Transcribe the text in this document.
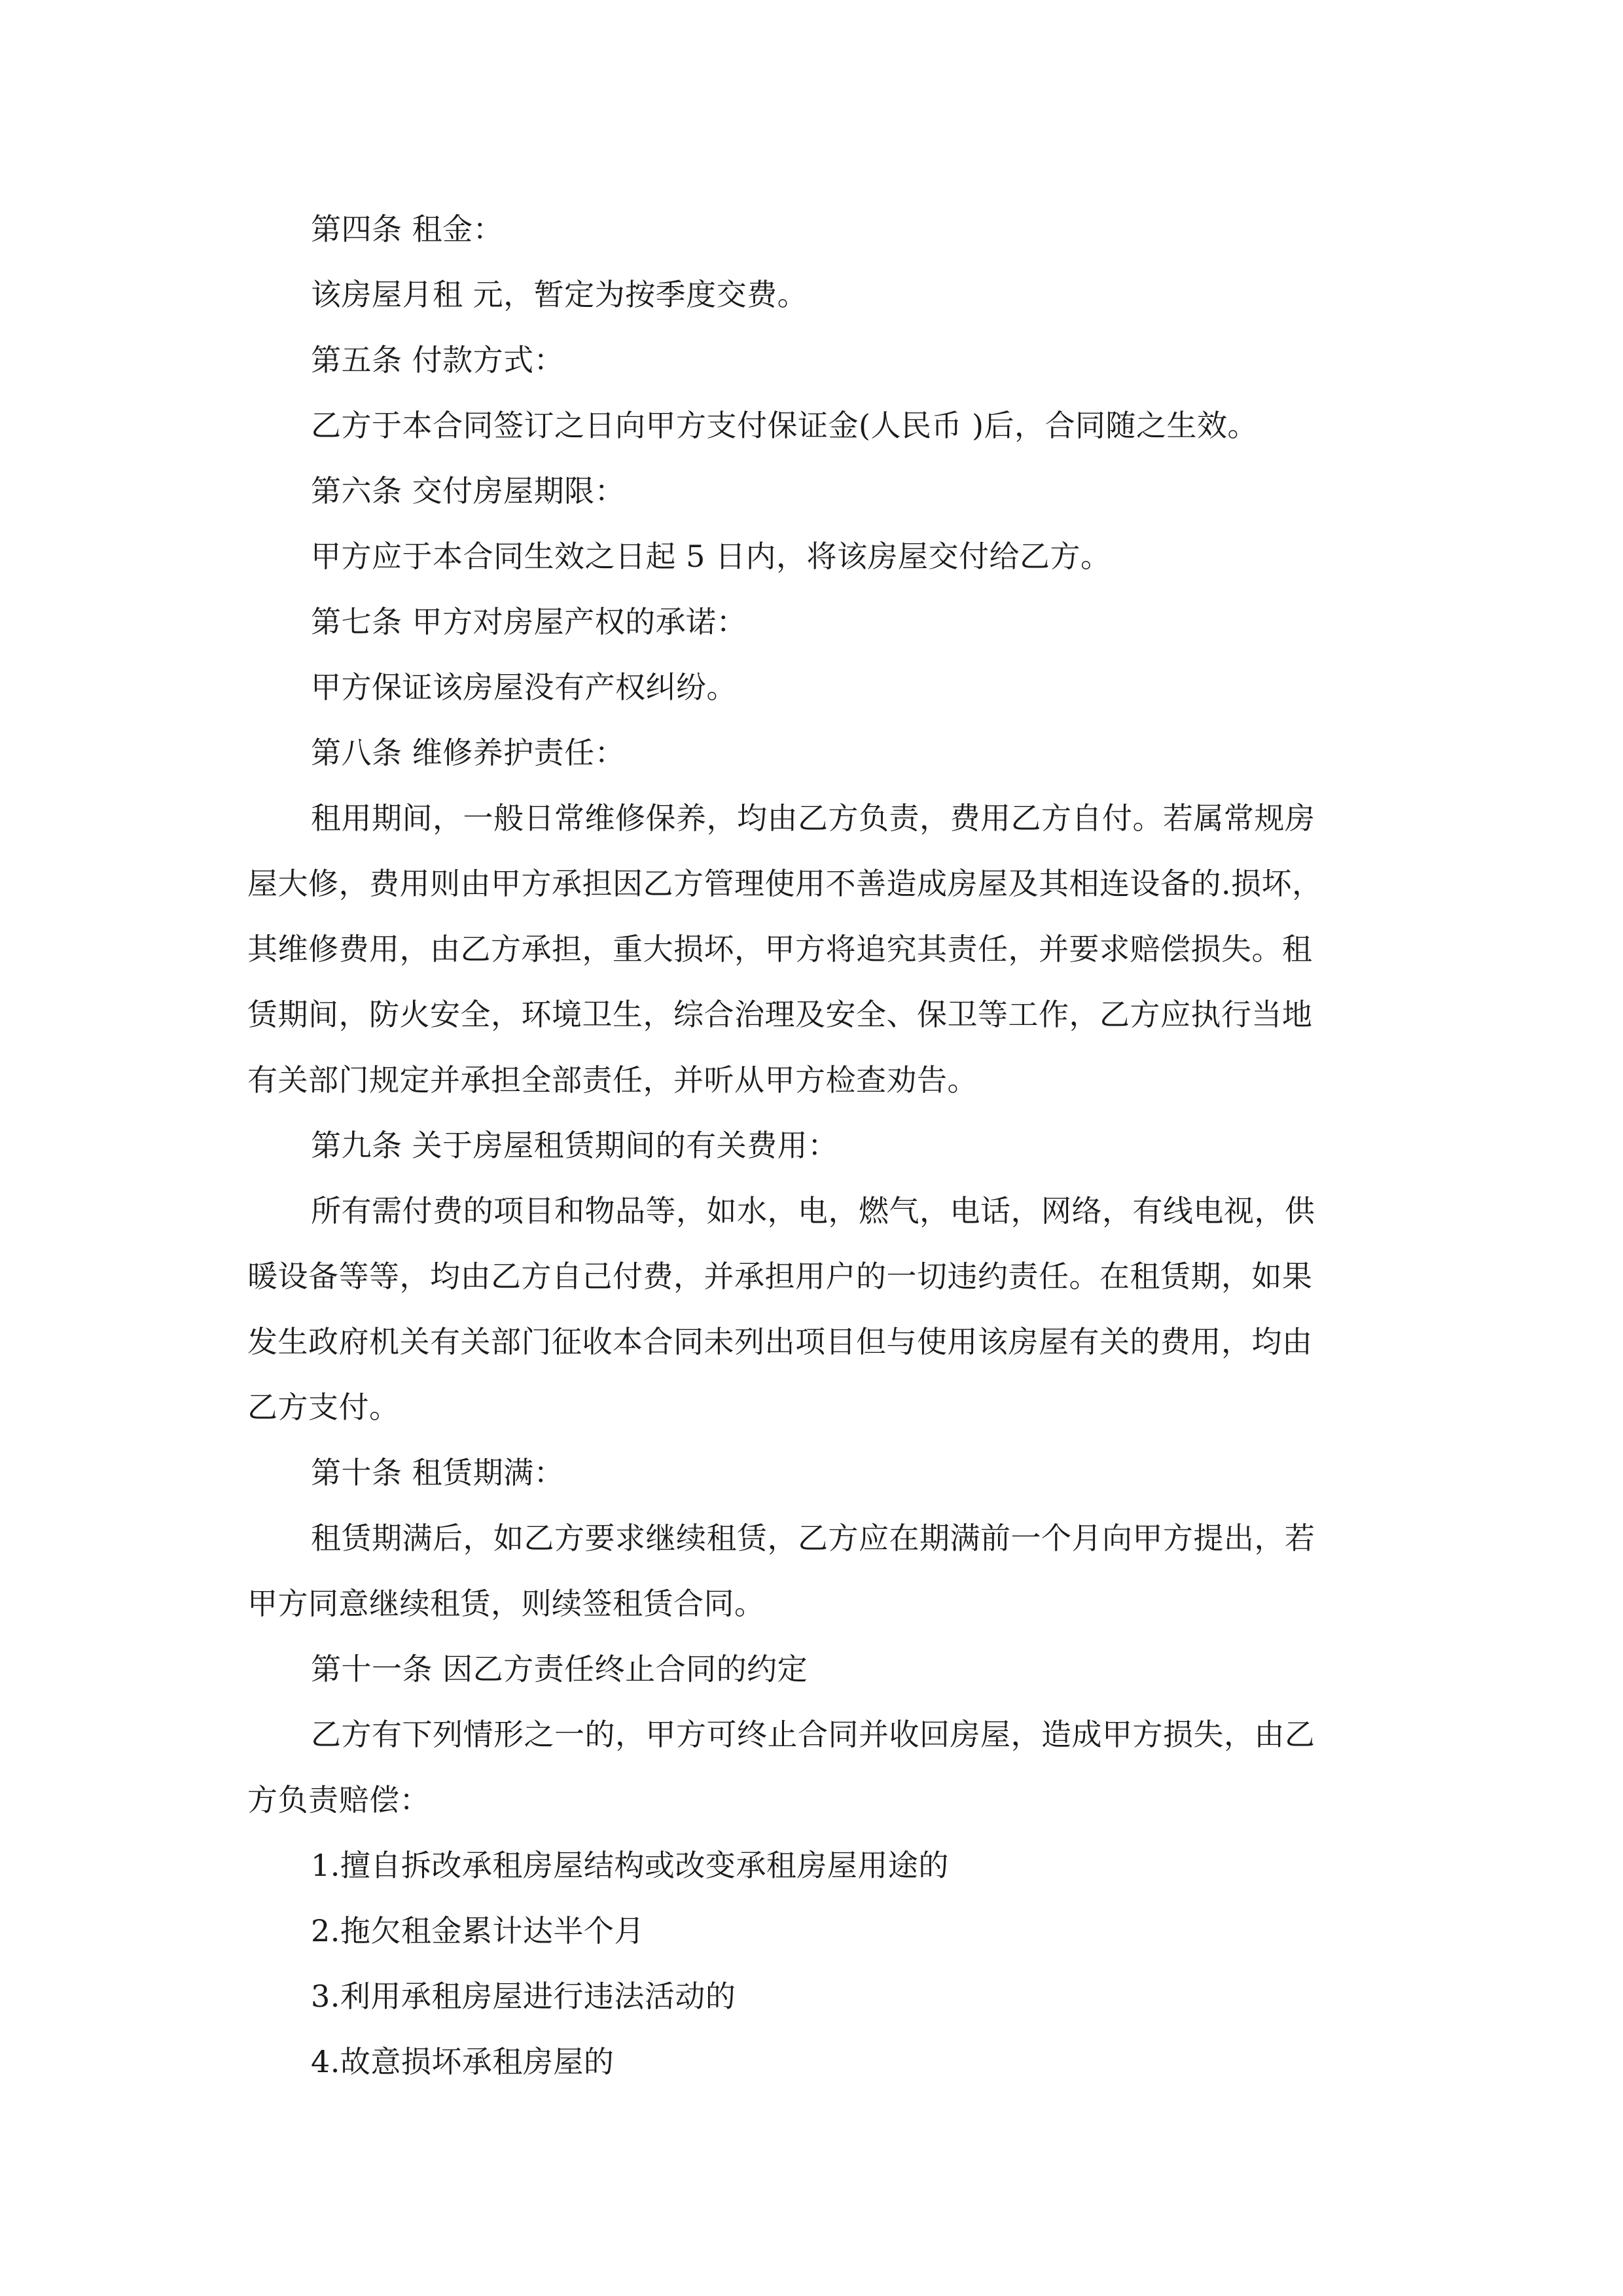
第四条 租金：
该房屋月租 元，暂定为按季度交费。
第五条 付款方式：
乙方于本合同签订之日向甲方支付保证金(人民币 )后，合同随之生效。
第六条 交付房屋期限：
甲方应于本合同生效之日起 5 日内，将该房屋交付给乙方。
第七条 甲方对房屋产权的承诺：
甲方保证该房屋没有产权纠纷。
第八条 维修养护责任：
租用期间，一般日常维修保养，均由乙方负责，费用乙方自付。若属常规房
屋大修，费用则由甲方承担因乙方管理使用不善造成房屋及其相连设备的.损坏，
其维修费用，由乙方承担，重大损坏，甲方将追究其责任，并要求赔偿损失。租
赁期间，防火安全，环境卫生，综合治理及安全、保卫等工作，乙方应执行当地
有关部门规定并承担全部责任，并听从甲方检查劝告。
第九条 关于房屋租赁期间的有关费用：
所有需付费的项目和物品等，如水，电，燃气，电话，网络，有线电视，供
暖设备等等，均由乙方自己付费，并承担用户的一切违约责任。在租赁期，如果
发生政府机关有关部门征收本合同未列出项目但与使用该房屋有关的费用，均由
乙方支付。
第十条 租赁期满：
租赁期满后，如乙方要求继续租赁，乙方应在期满前一个月向甲方提出，若
甲方同意继续租赁，则续签租赁合同。
第十一条 因乙方责任终止合同的约定
乙方有下列情形之一的，甲方可终止合同并收回房屋，造成甲方损失，由乙
方负责赔偿：
1.擅自拆改承租房屋结构或改变承租房屋用途的
2.拖欠租金累计达半个月
3.利用承租房屋进行违法活动的
4.故意损坏承租房屋的
